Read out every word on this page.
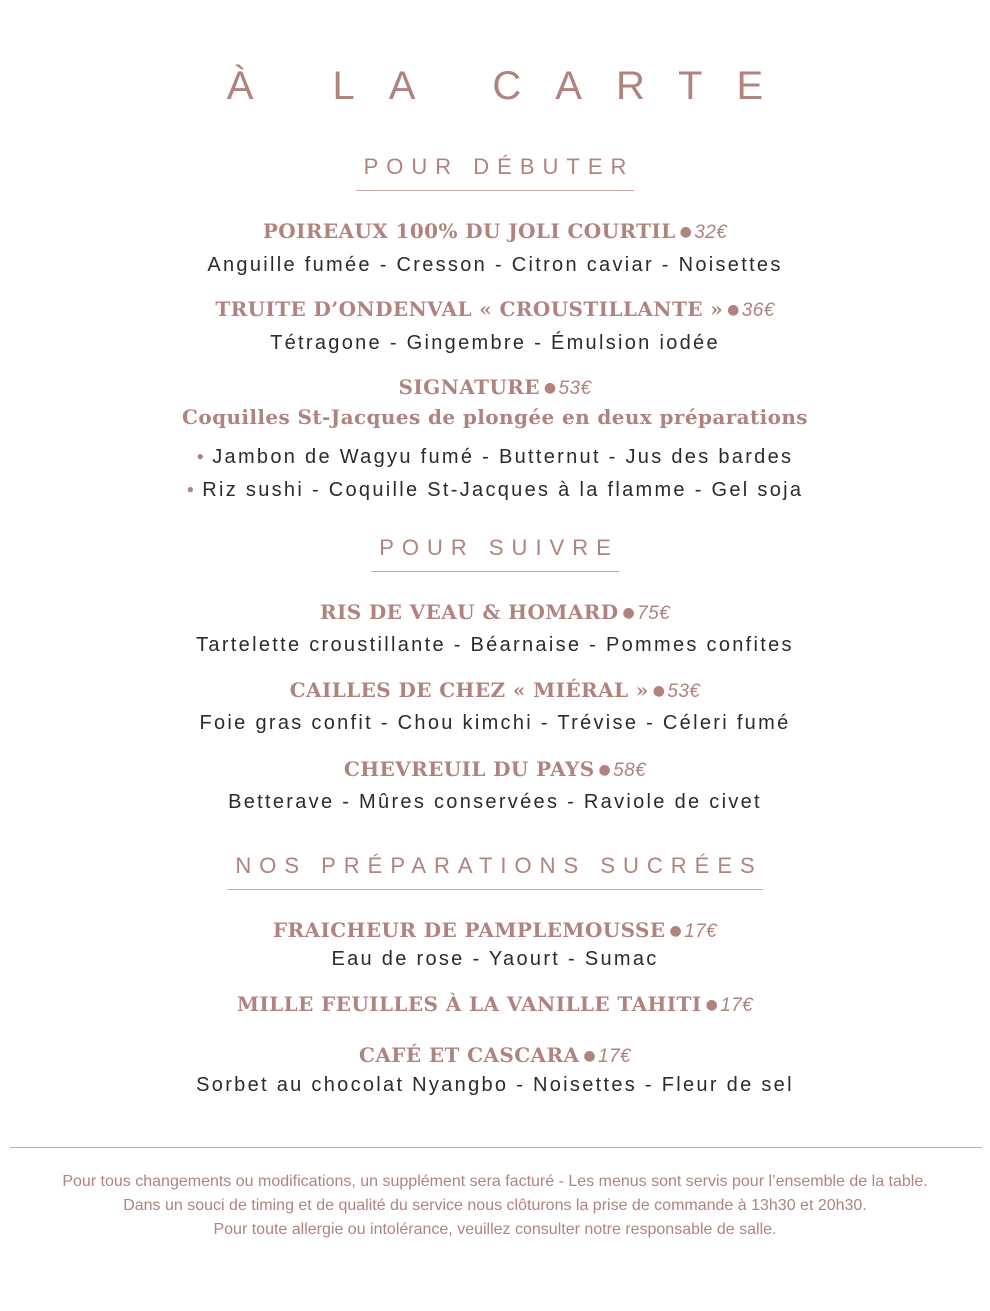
À LA CARTE
POUR DÉBUTER
POIREAUX 100% DU JOLI COURTIL ● 32€
Anguille fumée - Cresson - Citron caviar - Noisettes
TRUITE D’ONDENVAL « CROUSTILLANTE » ● 36€
Tétragone - Gingembre - Émulsion iodée
SIGNATURE ● 53€
Coquilles St-Jacques de plongée en deux préparations
● Jambon de Wagyu fumé - Butternut - Jus des bardes
● Riz sushi - Coquille St-Jacques à la flamme - Gel soja
POUR SUIVRE
RIS DE VEAU & HOMARD ● 75€
Tartelette croustillante - Béarnaise - Pommes confites
CAILLES DE CHEZ « MIÉRAL » ● 53€
Foie gras confit - Chou kimchi - Trévise - Céleri fumé
CHEVREUIL DU PAYS ● 58€
Betterave - Mûres conservées - Raviole de civet
NOS PRÉPARATIONS SUCRÉES
FRAICHEUR DE PAMPLEMOUSSE ● 17€
Eau de rose - Yaourt - Sumac
MILLE FEUILLES À LA VANILLE TAHITI ● 17€
CAFÉ ET CASCARA ● 17€
Sorbet au chocolat Nyangbo - Noisettes - Fleur de sel
Pour tous changements ou modifications, un supplément sera facturé - Les menus sont servis pour l’ensemble de la table.
Dans un souci de timing et de qualité du service nous clôturons la prise de commande à 13h30 et 20h30.
Pour toute allergie ou intolérance, veuillez consulter notre responsable de salle.
